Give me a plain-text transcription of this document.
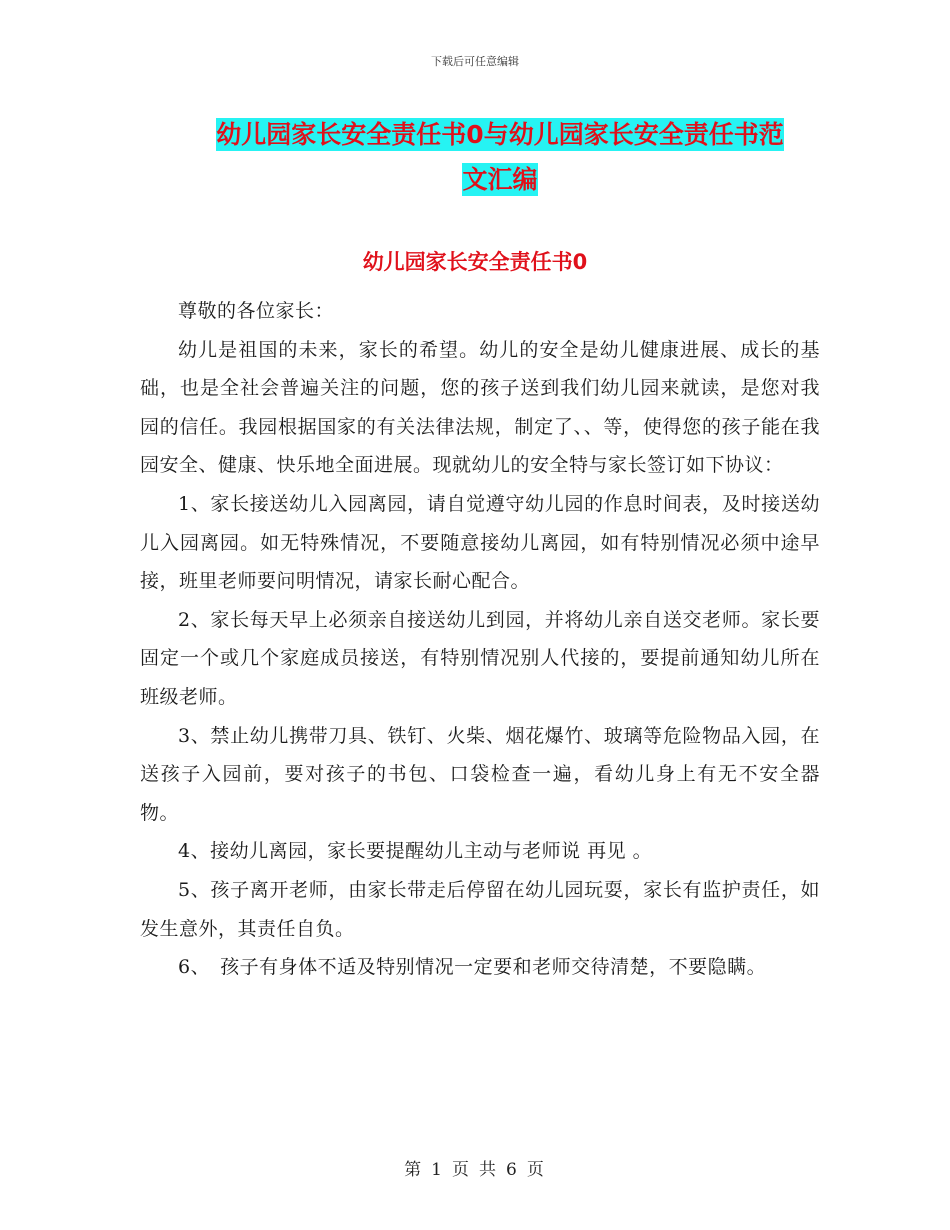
下载后可任意编辑
幼儿园家长安全责任书0与幼儿园家长安全责任书范
文汇编
幼儿园家长安全责任书0

尊敬的各位家长：

幼儿是祖国的未来，家长的希望。幼儿的安全是幼儿健康进展、成长的基础，也是全社会普遍关注的问题，您的孩子送到我们幼儿园来就读，是您对我园的信任。我园根据国家的有关法律法规，制定了、、等，使得您的孩子能在我园安全、健康、快乐地全面进展。现就幼儿的安全特与家长签订如下协议：

1、家长接送幼儿入园离园，请自觉遵守幼儿园的作息时间表，及时接送幼儿入园离园。如无特殊情况，不要随意接幼儿离园，如有特别情况必须中途早接，班里老师要问明情况，请家长耐心配合。

2、家长每天早上必须亲自接送幼儿到园，并将幼儿亲自送交老师。家长要固定一个或几个家庭成员接送，有特别情况别人代接的，要提前通知幼儿所在班级老师。

3、禁止幼儿携带刀具、铁钉、火柴、烟花爆竹、玻璃等危险物品入园，在送孩子入园前，要对孩子的书包、口袋检查一遍，看幼儿身上有无不安全器物。

4、接幼儿离园，家长要提醒幼儿主动与老师说 再见 。

5、孩子离开老师，由家长带走后停留在幼儿园玩耍，家长有监护责任，如发生意外，其责任自负。

6、　孩子有身体不适及特别情况一定要和老师交待清楚，不要隐瞒。

第 1 页 共 6 页
